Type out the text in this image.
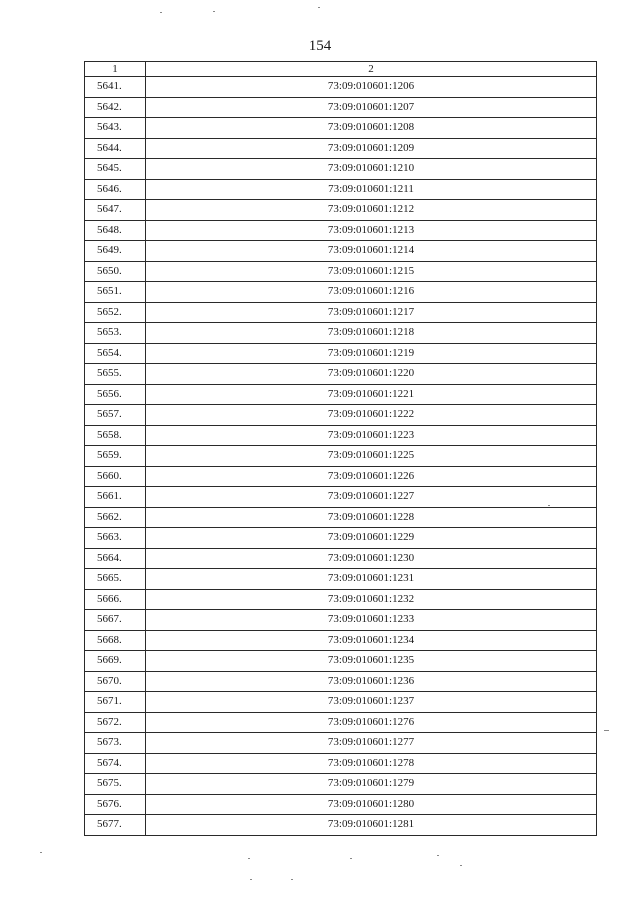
154
1	2
5641.	73:09:010601:1206
5642.	73:09:010601:1207
5643.	73:09:010601:1208
5644.	73:09:010601:1209
5645.	73:09:010601:1210
5646.	73:09:010601:1211
5647.	73:09:010601:1212
5648.	73:09:010601:1213
5649.	73:09:010601:1214
5650.	73:09:010601:1215
5651.	73:09:010601:1216
5652.	73:09:010601:1217
5653.	73:09:010601:1218
5654.	73:09:010601:1219
5655.	73:09:010601:1220
5656.	73:09:010601:1221
5657.	73:09:010601:1222
5658.	73:09:010601:1223
5659.	73:09:010601:1225
5660.	73:09:010601:1226
5661.	73:09:010601:1227
5662.	73:09:010601:1228
5663.	73:09:010601:1229
5664.	73:09:010601:1230
5665.	73:09:010601:1231
5666.	73:09:010601:1232
5667.	73:09:010601:1233
5668.	73:09:010601:1234
5669.	73:09:010601:1235
5670.	73:09:010601:1236
5671.	73:09:010601:1237
5672.	73:09:010601:1276
5673.	73:09:010601:1277
5674.	73:09:010601:1278
5675.	73:09:010601:1279
5676.	73:09:010601:1280
5677.	73:09:010601:1281
